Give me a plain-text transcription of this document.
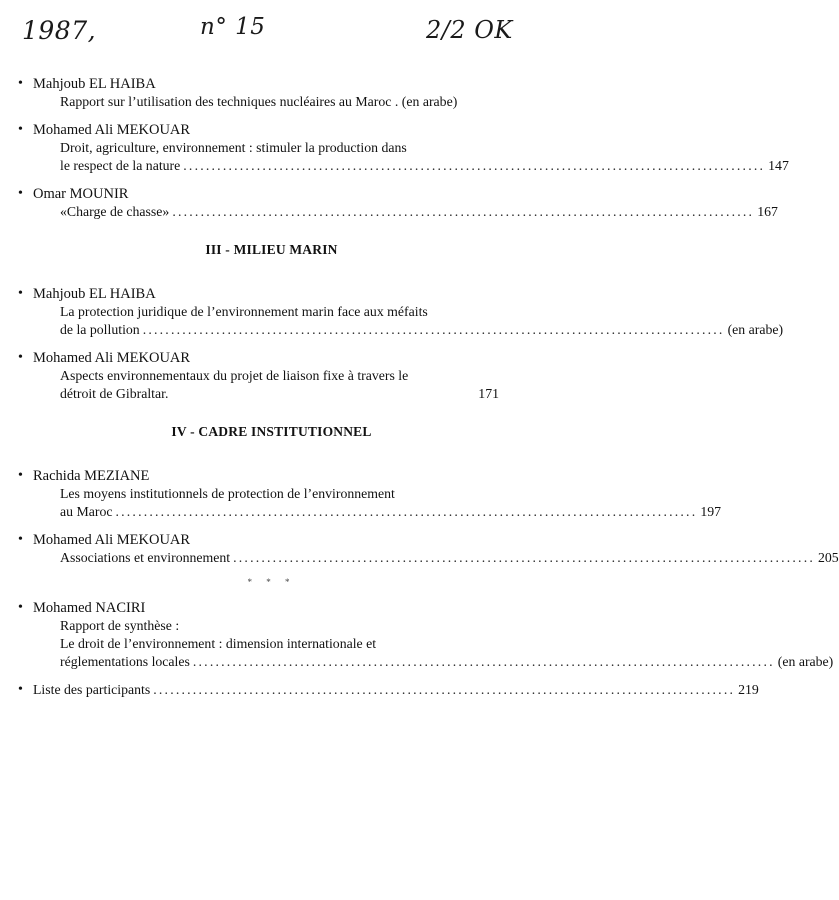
1987,	n° 15	2/2 OK
• Mahjoub EL HAIBA
Rapport sur l’utilisation des techniques nucléaires au Maroc . (en arabe)
• Mohamed Ali MEKOUAR
Droit, agriculture, environnement : stimuler la production dans
le respect de la nature ....................................................................................................... 147
• Omar MOUNIR
«Charge de chasse» ....................................................................................................... 167
III - MILIEU MARIN
• Mahjoub EL HAIBA
La protection juridique de l’environnement marin face aux méfaits
de la pollution ....................................................................................................... (en arabe)
• Mohamed Ali MEKOUAR
Aspects environnementaux du projet de liaison fixe à travers le
détroit de Gibraltar.	171
IV - CADRE INSTITUTIONNEL
• Rachida MEZIANE
Les moyens institutionnels de protection de l’environnement
au Maroc ....................................................................................................... 197
• Mohamed Ali MEKOUAR
Associations et environnement ....................................................................................................... 205
* * *
• Mohamed NACIRI
Rapport de synthèse :
Le droit de l’environnement : dimension internationale et
réglementations locales ....................................................................................................... (en arabe)
• Liste des participants ....................................................................................................... 219
